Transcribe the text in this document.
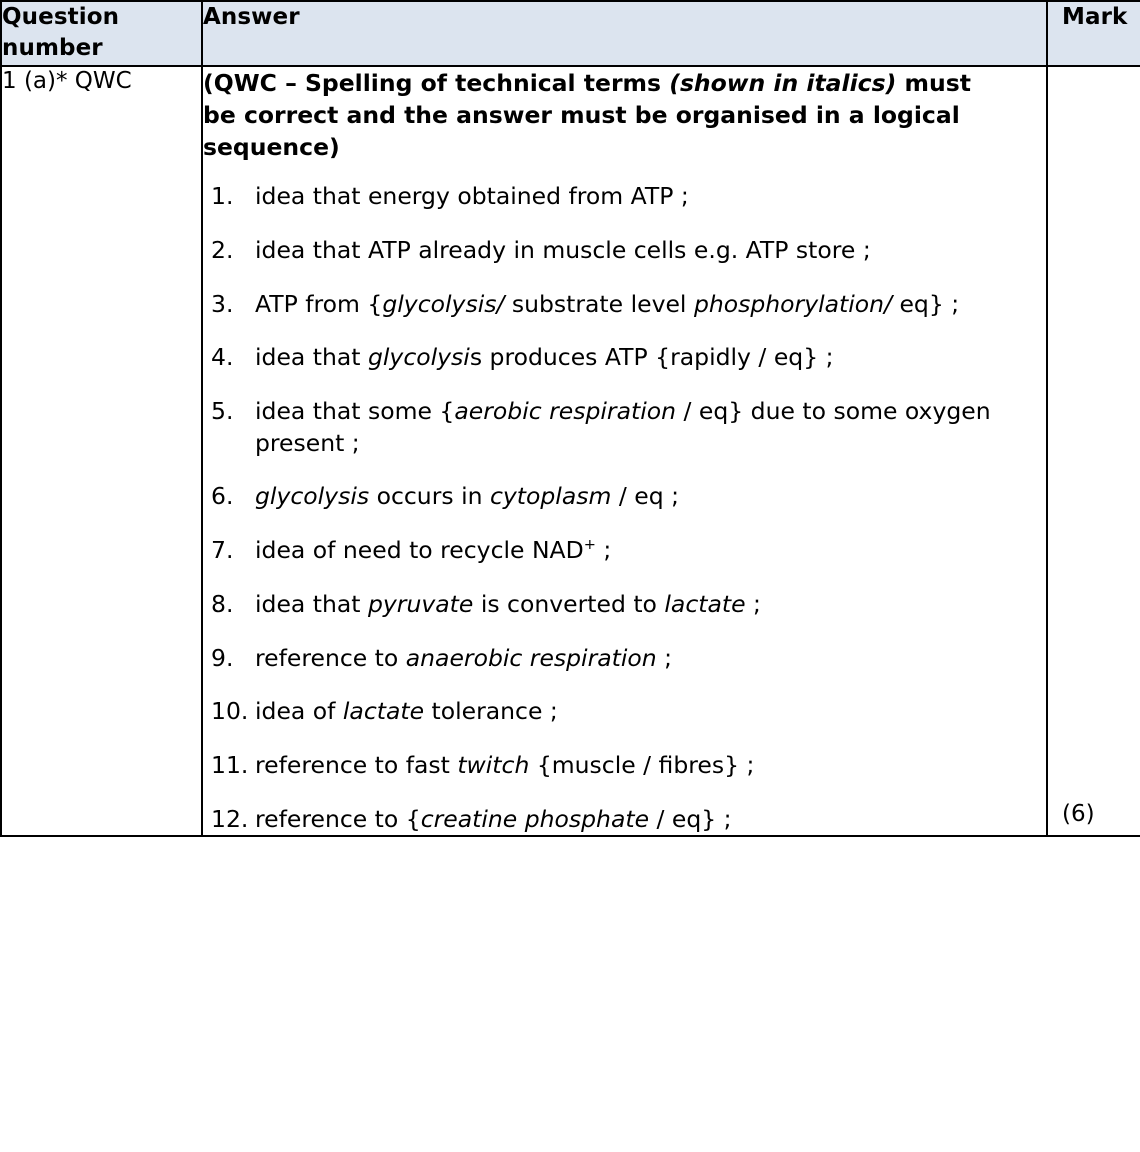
Question number	Answer	Mark
1 (a)* QWC	(QWC – Spelling of technical terms (shown in italics) must be correct and the answer must be organised in a logical sequence)

1. idea that energy obtained from ATP ;
2. idea that ATP already in muscle cells e.g. ATP store ;
3. ATP from {glycolysis/ substrate level phosphorylation/ eq} ;
4. idea that glycolysis produces ATP {rapidly / eq} ;
5. idea that some {aerobic respiration / eq} due to some oxygen present ;
6. glycolysis occurs in cytoplasm / eq ;
7. idea of need to recycle NAD+ ;
8. idea that pyruvate is converted to lactate ;
9. reference to anaerobic respiration ;
10. idea of lactate tolerance ;
11. reference to fast twitch {muscle / fibres} ;
12. reference to {creatine phosphate / eq} ;	(6)
